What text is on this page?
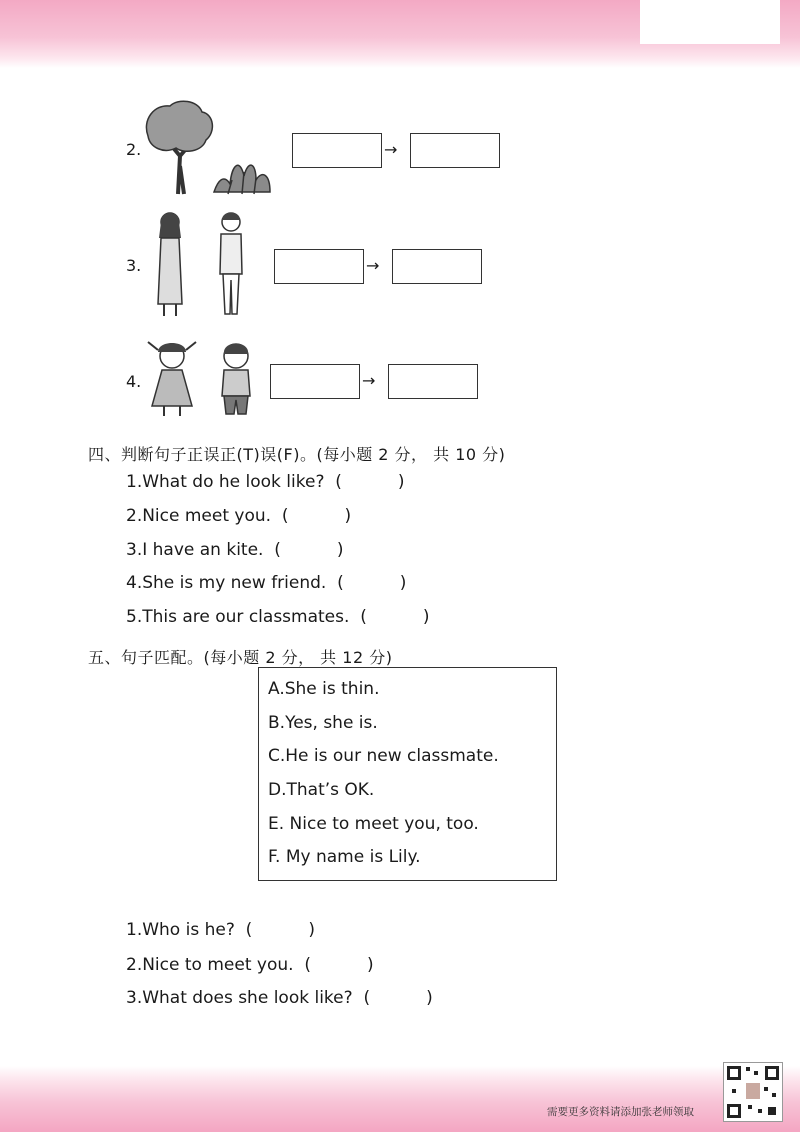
2.	→
3.	→
4.	→
四、判断句子正误正(T)误(F)。(每小题 2 分， 共 10 分)
1.What do he look like? (	)
2.Nice meet you. (	)
3.I have an kite. (	)
4.She is my new friend. (	)
5.This are our classmates. (	)
五、句子匹配。(每小题 2 分， 共 12 分)
A.She is thin.
B.Yes, she is.
C.He is our new classmate.
D.That’s OK.
E. Nice to meet you, too.
F. My name is Lily.
1.Who is he? (	)
2.Nice to meet you. (	)
3.What does she look like? (	)
需要更多资料请添加张老师领取
